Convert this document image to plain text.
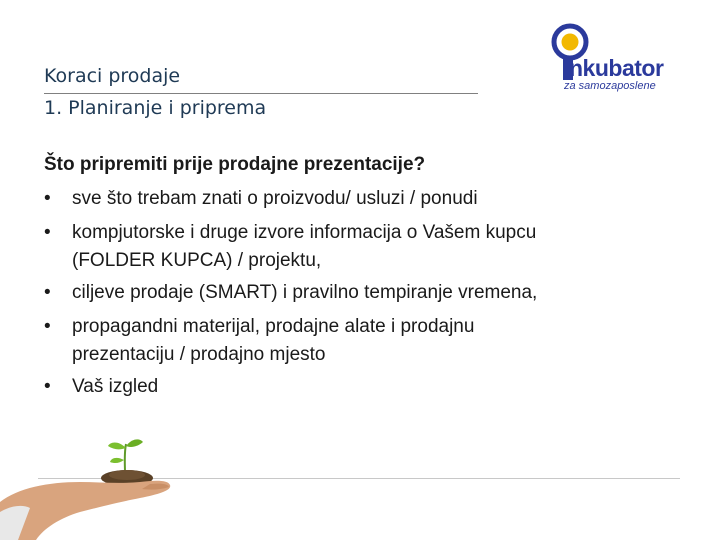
Koraci prodaje
1. Planiranje i priprema
nkubator
za samozaposlene
Što pripremiti prije prodajne prezentacije?
•	sve što trebam znati o proizvodu/ usluzi / ponudi
•	kompjutorske i druge izvore informacija o Vašem kupcu
(FOLDER KUPCA) / projektu,
•	ciljeve prodaje (SMART) i pravilno tempiranje vremena,
•	propagandni materijal, prodajne alate i prodajnu
prezentaciju / prodajno mjesto
•	Vaš izgled
